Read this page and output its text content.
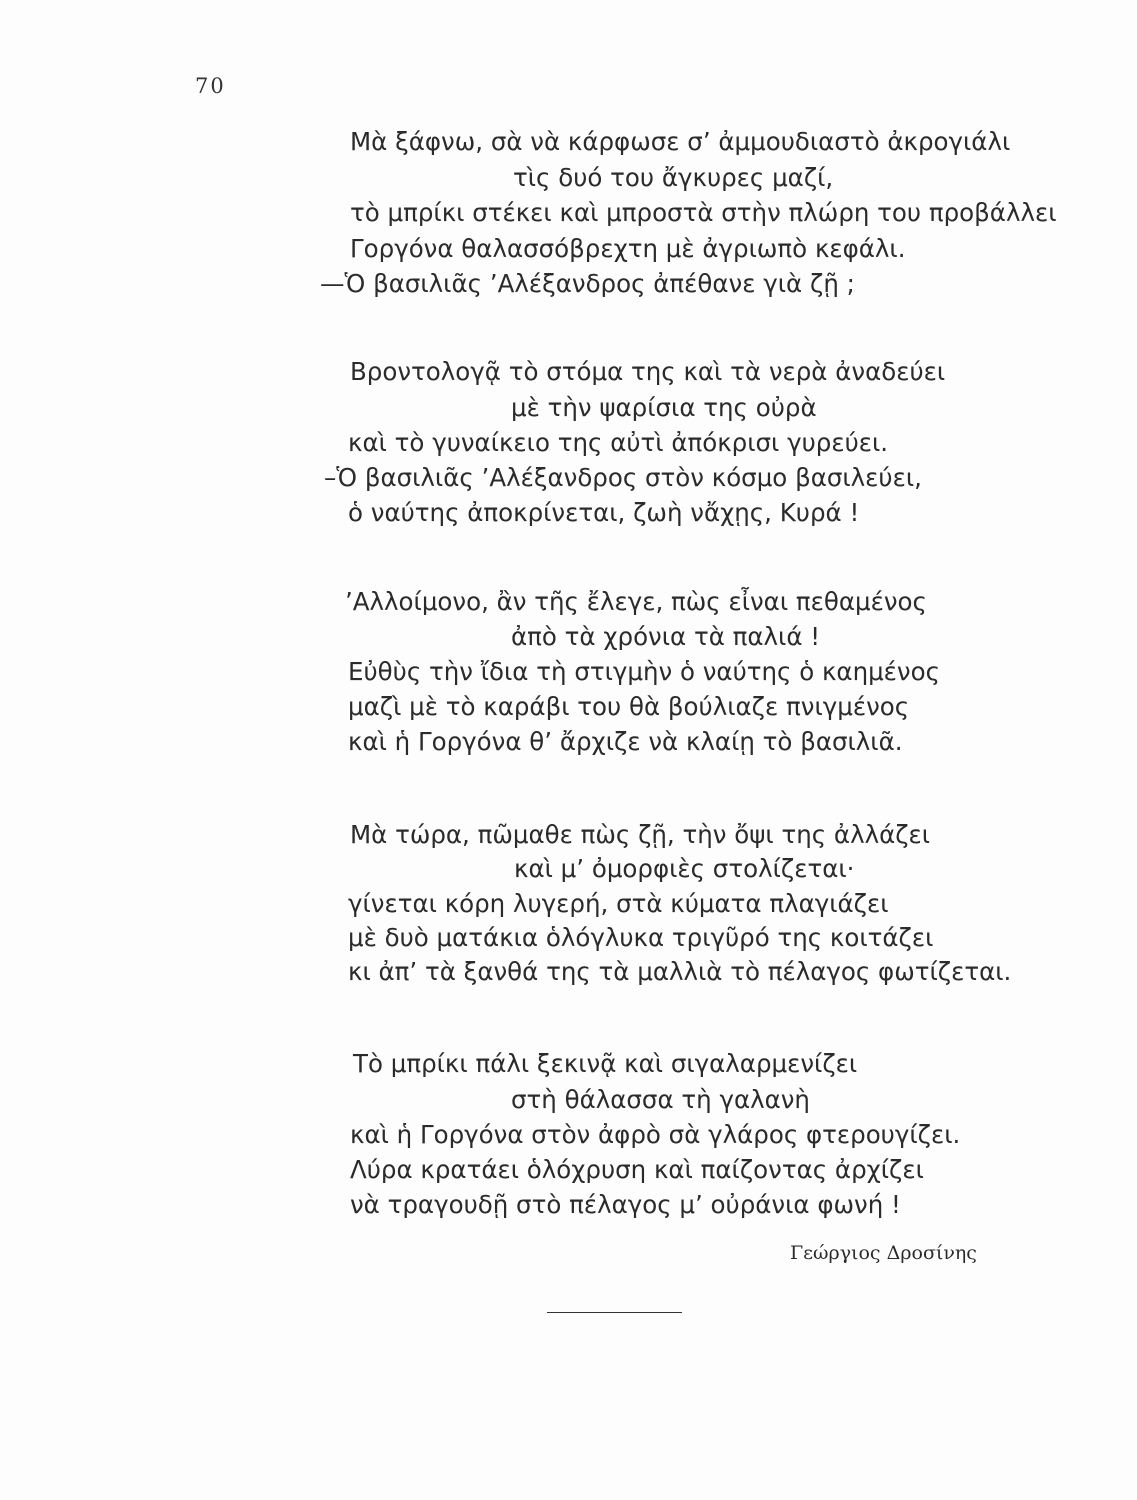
70
Μὰ ξάφνω, σὰ νὰ κάρφωσε σ’ ἀμμουδιαστὸ ἀκρογιάλι
τὶς δυό του ἄγκυρες μαζί,
τὸ μπρίκι στέκει καὶ μπροστὰ στὴν πλώρη του προβάλλει
Γοργόνα θαλασσόβρεχτη μὲ ἀγριωπὸ κεφάλι.
—Ὁ βασιλιᾶς ’Αλέξανδρος ἀπέθανε γιὰ ζῇ ;
Βροντολογᾷ τὸ στόμα της καὶ τὰ νερὰ ἀναδεύει
μὲ τὴν ψαρίσια της οὐρὰ
καὶ τὸ γυναίκειο της αὐτὶ ἀπόκρισι γυρεύει.
–Ὁ βασιλιᾶς ’Αλέξανδρος στὸν κόσμο βασιλεύει,
ὁ ναύτης ἀποκρίνεται, ζωὴ νἄχῃς, Κυρά !
’Αλλοίμονο, ἂν τῆς ἔλεγε, πὼς εἶναι πεθαμένος
ἀπὸ τὰ χρόνια τὰ παλιά !
Εὐθὺς τὴν ἴδια τὴ στιγμὴν ὁ ναύτης ὁ καημένος
μαζὶ μὲ τὸ καράβι του θὰ βούλιαζε πνιγμένος
καὶ ἡ Γοργόνα θ’ ἄρχιζε νὰ κλαίῃ τὸ βασιλιᾶ.
Μὰ τώρα, πῶμαθε πὼς ζῇ, τὴν ὄψι της ἀλλάζει
καὶ μ’ ὀμορφιὲς στολίζεται·
γίνεται κόρη λυγερή, στὰ κύματα πλαγιάζει
μὲ δυὸ ματάκια ὁλόγλυκα τριγῦρό της κοιτάζει
κι ἀπ’ τὰ ξανθά της τὰ μαλλιὰ τὸ πέλαγος φωτίζεται.
Τὸ μπρίκι πάλι ξεκινᾷ καὶ σιγαλαρμενίζει
στὴ θάλασσα τὴ γαλανὴ
καὶ ἡ Γοργόνα στὸν ἀφρὸ σὰ γλάρος φτερουγίζει.
Λύρα κρατάει ὁλόχρυση καὶ παίζοντας ἀρχίζει
νὰ τραγουδῇ στὸ πέλαγος μ’ οὐράνια φωνή !
Γεώργιος Δροσίνης
